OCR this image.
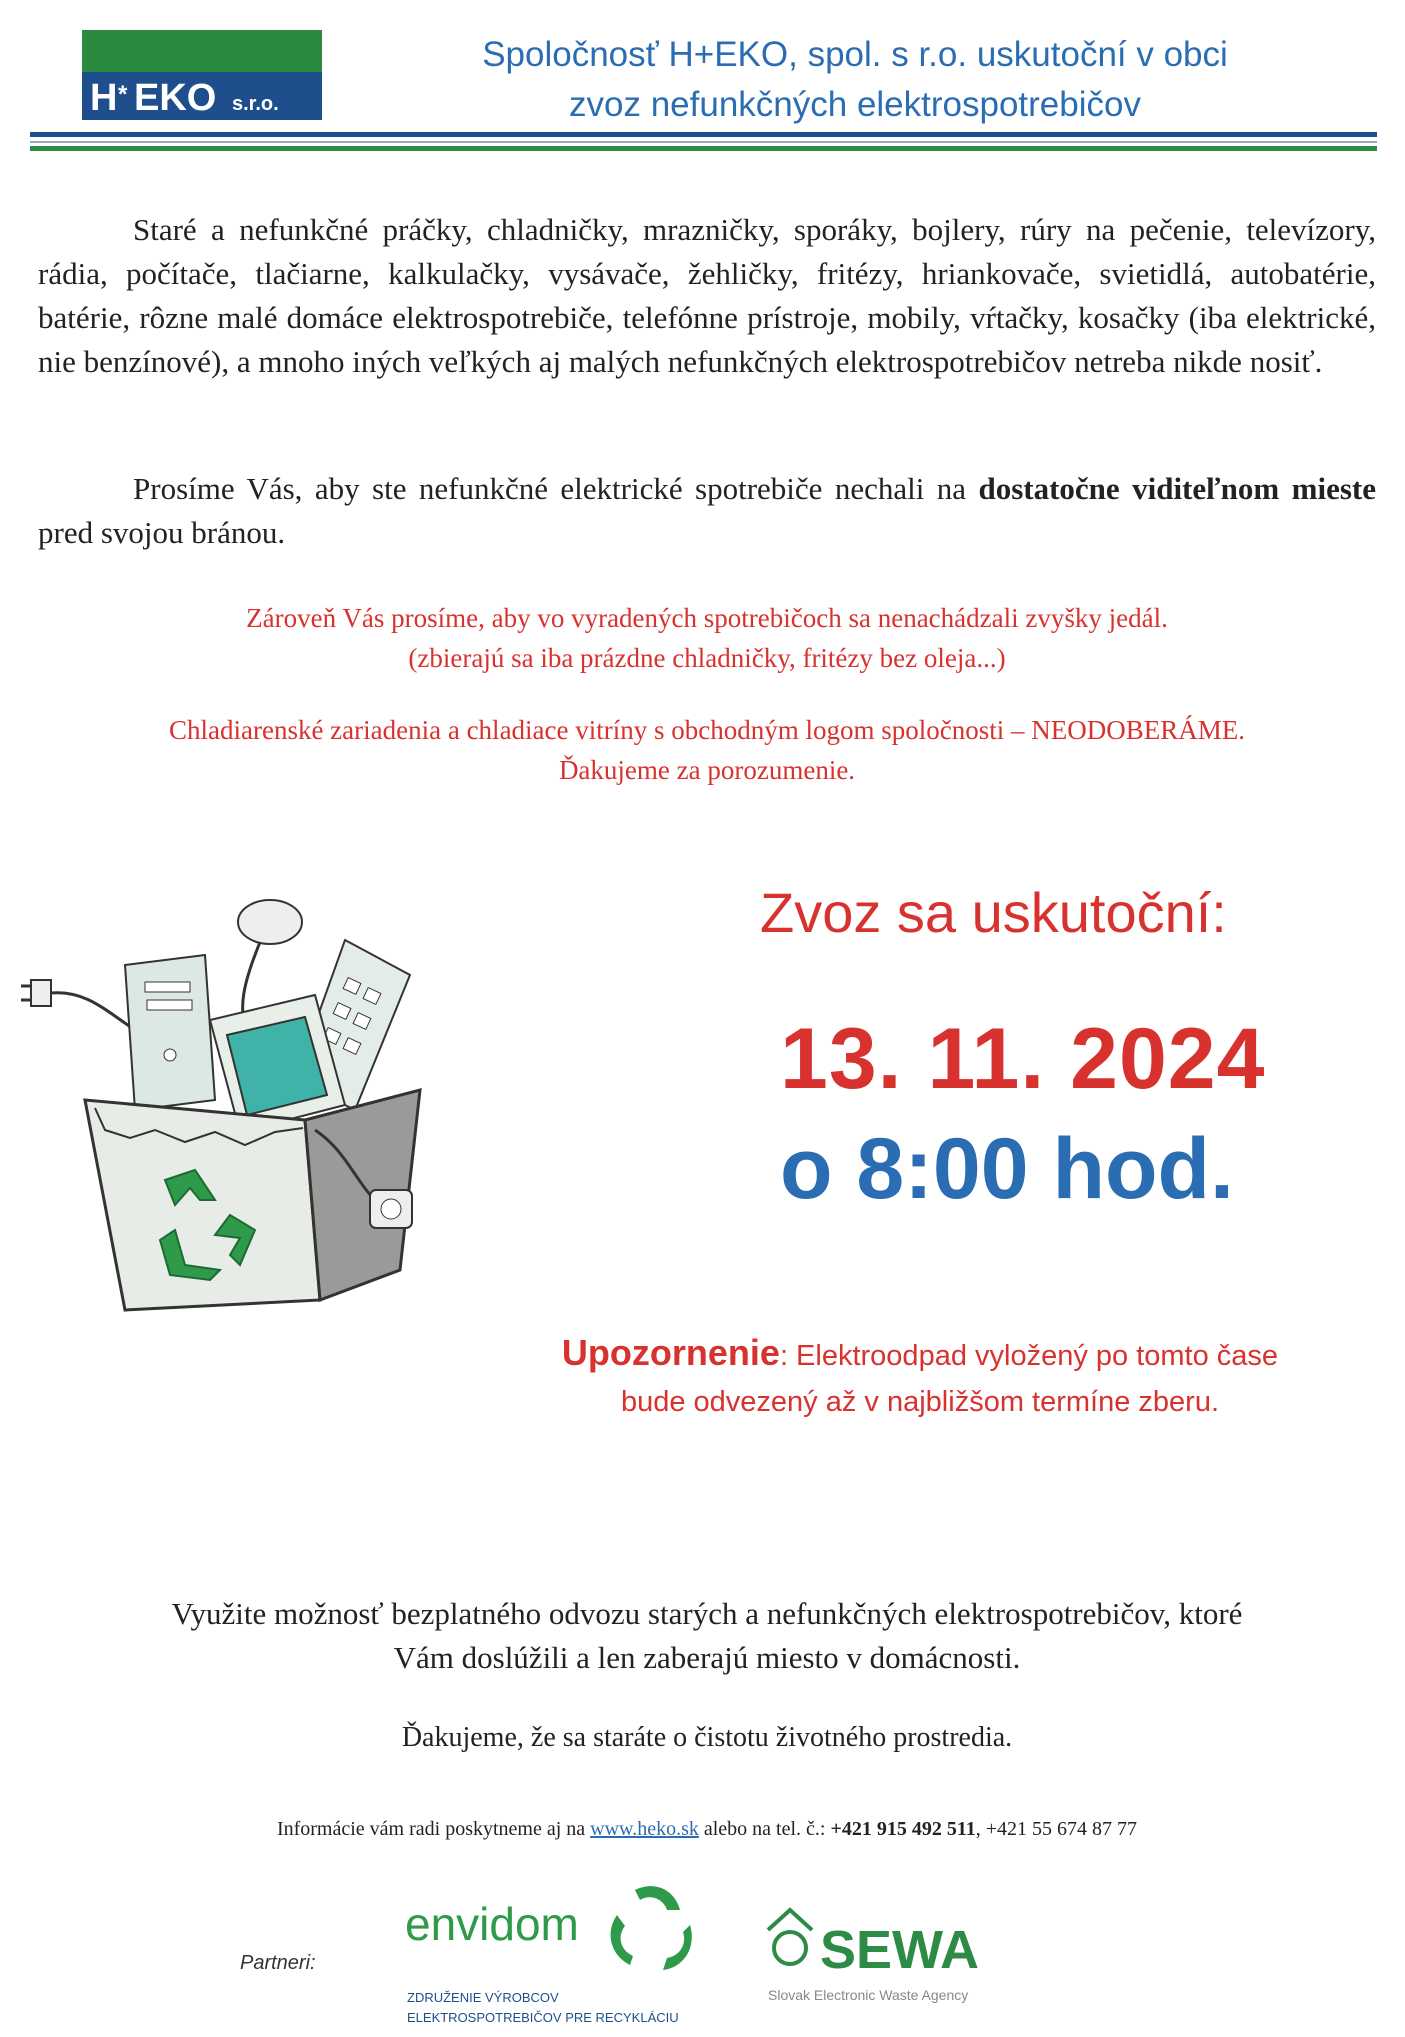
H * EKO s.r.o.
Spoločnosť H+EKO, spol. s r.o. uskutoční v obci
zvoz nefunkčných elektrospotrebičov
Staré a nefunkčné práčky, chladničky, mrazničky, sporáky, bojlery, rúry na pečenie, televízory, rádia, počítače, tlačiarne, kalkulačky, vysávače, žehličky, fritézy, hriankovače, svietidlá, autobatérie, batérie, rôzne malé domáce elektrospotrebiče, telefónne prístroje, mobily, vŕtačky, kosačky (iba elektrické, nie benzínové), a mnoho iných veľkých aj malých nefunkčných elektrospotrebičov netreba nikde nosiť.
Prosíme Vás, aby ste nefunkčné elektrické spotrebiče nechali na dostatočne viditeľnom mieste pred svojou bránou.
Zároveň Vás prosíme, aby vo vyradených spotrebičoch sa nenachádzali zvyšky jedál.
(zbierajú sa iba prázdne chladničky, fritézy bez oleja...)
Chladiarenské zariadenia a chladiace vitríny s obchodným logom spoločnosti – NEODOBERÁME.
Ďakujeme za porozumenie.
Zvoz sa uskutoční:
13. 11. 2024
o 8:00 hod.
Upozornenie: Elektroodpad vyložený po tomto čase
bude odvezený až v najbližšom termíne zberu.
Využite možnosť bezplatného odvozu starých a nefunkčných elektrospotrebičov, ktoré
Vám doslúžili a len zaberajú miesto v domácnosti.
Ďakujeme, že sa staráte o čistotu životného prostredia.
Informácie vám radi poskytneme aj na www.heko.sk alebo na tel. č.: +421 915 492 511, +421 55 674 87 77
Partneri:
envidom
ZDRUŽENIE VÝROBCOV
ELEKTROSPOTREBIČOV PRE RECYKLÁCIU
SEWA
Slovak Electronic Waste Agency
